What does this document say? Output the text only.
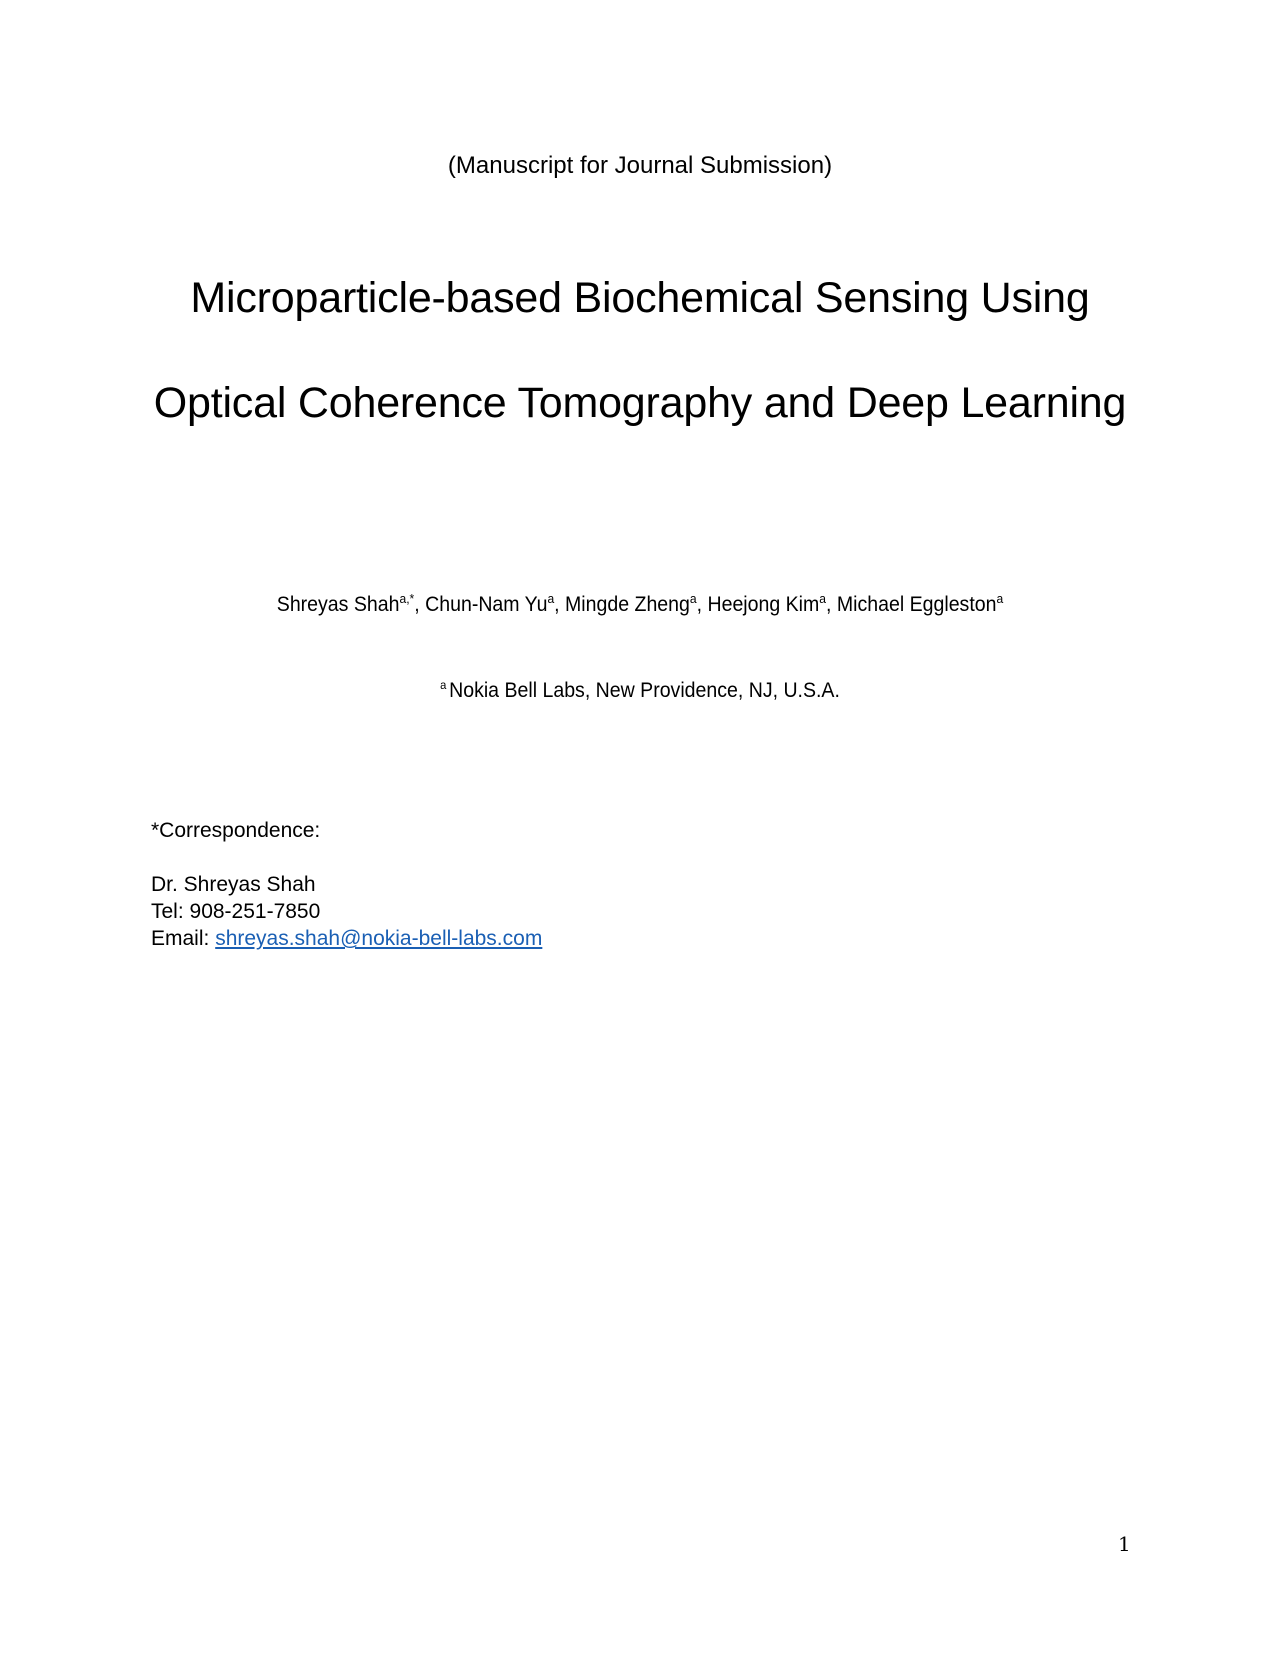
(Manuscript for Journal Submission)
Microparticle-based Biochemical Sensing Using
Optical Coherence Tomography and Deep Learning
Shreyas Shah$^{a,*}$, Chun-Nam Yu$^a$, Mingde Zheng$^a$, Heejong Kim$^a$, Michael Eggleston$^a$
$^a$ Nokia Bell Labs, New Providence, NJ, U.S.A.
*Correspondence:
Dr. Shreyas Shah
Tel: 908-251-7850
Email: shreyas.shah@nokia-bell-labs.com
1
